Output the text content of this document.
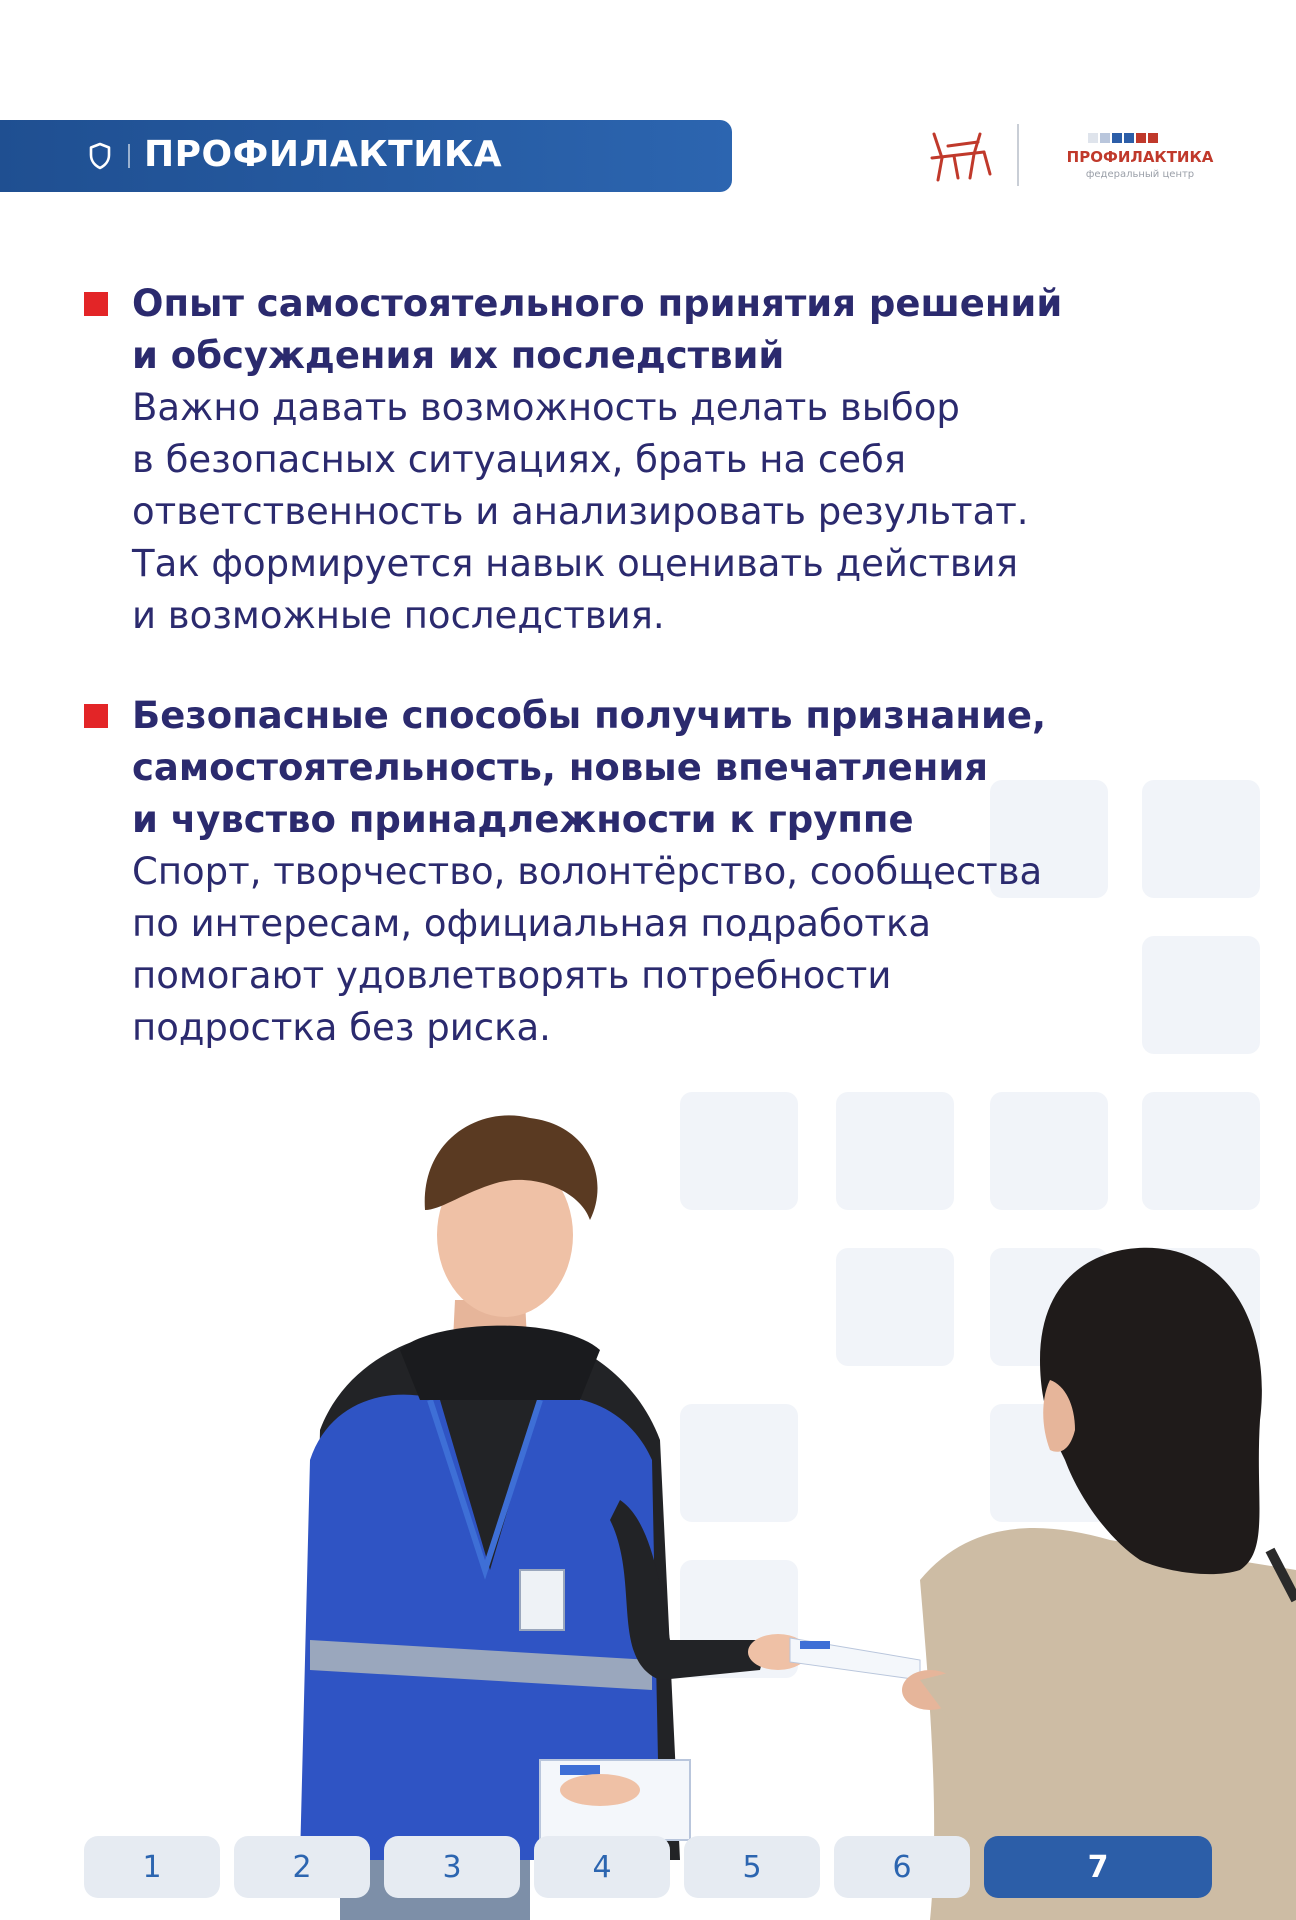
ПРОФИЛАКТИКА	ПРОФИЛАКТИКА
федеральный центр
Опыт самостоятельного принятия решений
и обсуждения их последствий
Важно давать возможность делать выбор
в безопасных ситуациях, брать на себя
ответственность и анализировать результат.
Так формируется навык оценивать действия
и возможные последствия.
Безопасные способы получить признание,
самостоятельность, новые впечатления
и чувство принадлежности к группе
Спорт, творчество, волонтёрство, сообщества
по интересам, официальная подработка
помогают удовлетворять потребности
подростка без риска.
1	2	3	4	5	6	7
